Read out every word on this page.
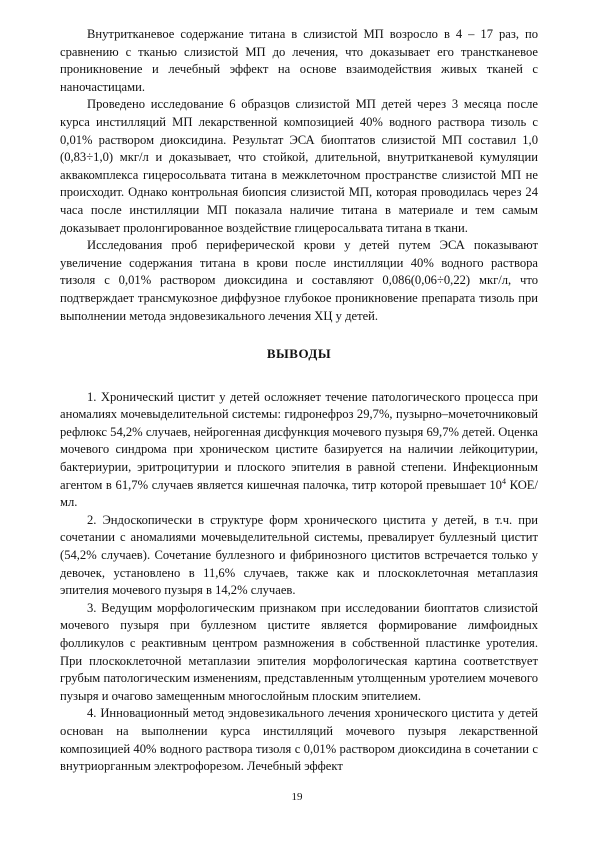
Внутритканевое содержание титана в слизистой МП возросло в 4 – 17 раз, по сравнению с тканью слизистой МП до лечения, что доказывает его транстканевое проникновение и лечебный эффект на основе взаимодействия живых тканей с наночастицами.

Проведено исследование 6 образцов слизистой МП детей через 3 месяца после курса инстилляций МП лекарственной композицией 40% водного раствора тизоль с 0,01% раствором диоксидина. Результат ЭСА биоптатов слизистой МП составил 1,0 (0,83÷1,0) мкг/л и доказывает, что стойкой, длительной, внутритканевой кумуляции аквакомплекса гицеросольвата титана в межклеточном пространстве слизистой МП не происходит. Однако контрольная биопсия слизистой МП, которая проводилась через 24 часа после инстилляции МП показала наличие титана в материале и тем самым доказывает пролонгированное воздействие глицеросальвата титана в ткани.

Исследования проб периферической крови у детей путем ЭСА показывают увеличение содержания титана в крови после инстилляции 40% водного раствора тизоля с 0,01% раствором диоксидина и составляют 0,086(0,06÷0,22) мкг/л, что подтверждает трансмукозное диффузное глубокое проникновение препарата тизоль при выполнении метода эндовезикального лечения ХЦ у детей.

ВЫВОДЫ

1. Хронический цистит у детей осложняет течение патологического процесса при аномалиях мочевыделительной системы: гидронефроз 29,7%, пузырно–мочеточниковый рефлюкс 54,2% случаев, нейрогенная дисфункция мочевого пузыря 69,7% детей. Оценка мочевого синдрома при хроническом цистите базируется на наличии лейкоцитурии, бактериурии, эритроцитурии и плоского эпителия в равной степени. Инфекционным агентом в 61,7% случаев является кишечная палочка, титр которой превышает $10^4$ КОЕ/мл.

2. Эндоскопически в структуре форм хронического цистита у детей, в т.ч. при сочетании с аномалиями мочевыделительной системы, превалирует буллезный цистит (54,2% случаев). Сочетание буллезного и фибринозного циститов встречается только у девочек, установлено в 11,6% случаев, также как и плоскоклеточная метаплазия эпителия мочевого пузыря в 14,2% случаев.

3. Ведущим морфологическим признаком при исследовании биоптатов слизистой мочевого пузыря при буллезном цистите является формирование лимфоидных фолликулов с реактивным центром размножения в собственной пластинке уротелия. При плоскоклеточной метаплазии эпителия морфологическая картина соответствует грубым патологическим изменениям, представленным утолщенным уротелием мочевого пузыря и очагово замещенным многослойным плоским эпителием.

4. Инновационный метод эндовезикального лечения хронического цистита у детей основан на выполнении курса инстилляций мочевого пузыря лекарственной композицией 40% водного раствора тизоля с 0,01% раствором диоксидина в сочетании с внутриорганным электрофорезом. Лечебный эффект

19
